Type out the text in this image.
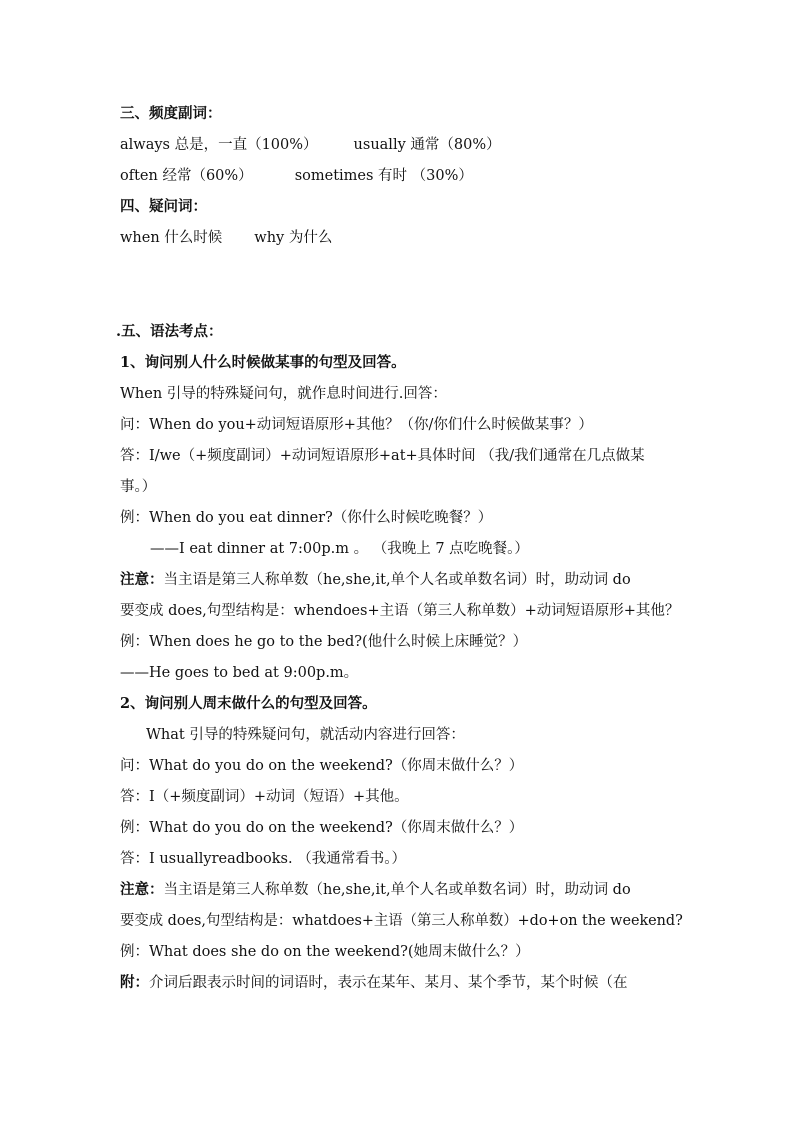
三、频度副词：
always 总是，一直（100%） usually 通常（80%）
often 经常（60%）	sometimes 有时 （30%）
四、疑问词：
when 什么时候 why 为什么
.五、语法考点：
1、询问别人什么时候做某事的句型及回答。
When 引导的特殊疑问句，就作息时间进行.回答：
问：When do you+动词短语原形+其他？（你/你们什么时候做某事？）
答：I/we（+频度副词）+动词短语原形+at+具体时间 （我/我们通常在几点做某
事。）
例：When do you eat dinner?（你什么时候吃晚餐？）
——I eat dinner at 7:00p.m 。 （我晚上 7 点吃晚餐。）
注意：当主语是第三人称单数（he,she,it,单个人名或单数名词）时，助动词 do
要变成 does,句型结构是：whendoes+主语（第三人称单数）+动词短语原形+其他？
例：When does he go to the bed?(他什么时候上床睡觉？）
——He goes to bed at 9:00p.m。
2、询问别人周末做什么的句型及回答。
What 引导的特殊疑问句，就活动内容进行回答：
问：What do you do on the weekend?（你周末做什么？）
答：I（+频度副词）+动词（短语）+其他。
例：What do you do on the weekend?（你周末做什么？）
答：I usuallyreadbooks. （我通常看书。）
注意：当主语是第三人称单数（he,she,it,单个人名或单数名词）时，助动词 do
要变成 does,句型结构是：whatdoes+主语（第三人称单数）+do+on the weekend?
例：What does she do on the weekend?(她周末做什么？）
附：介词后跟表示时间的词语时，表示在某年、某月、某个季节，某个时候（在
